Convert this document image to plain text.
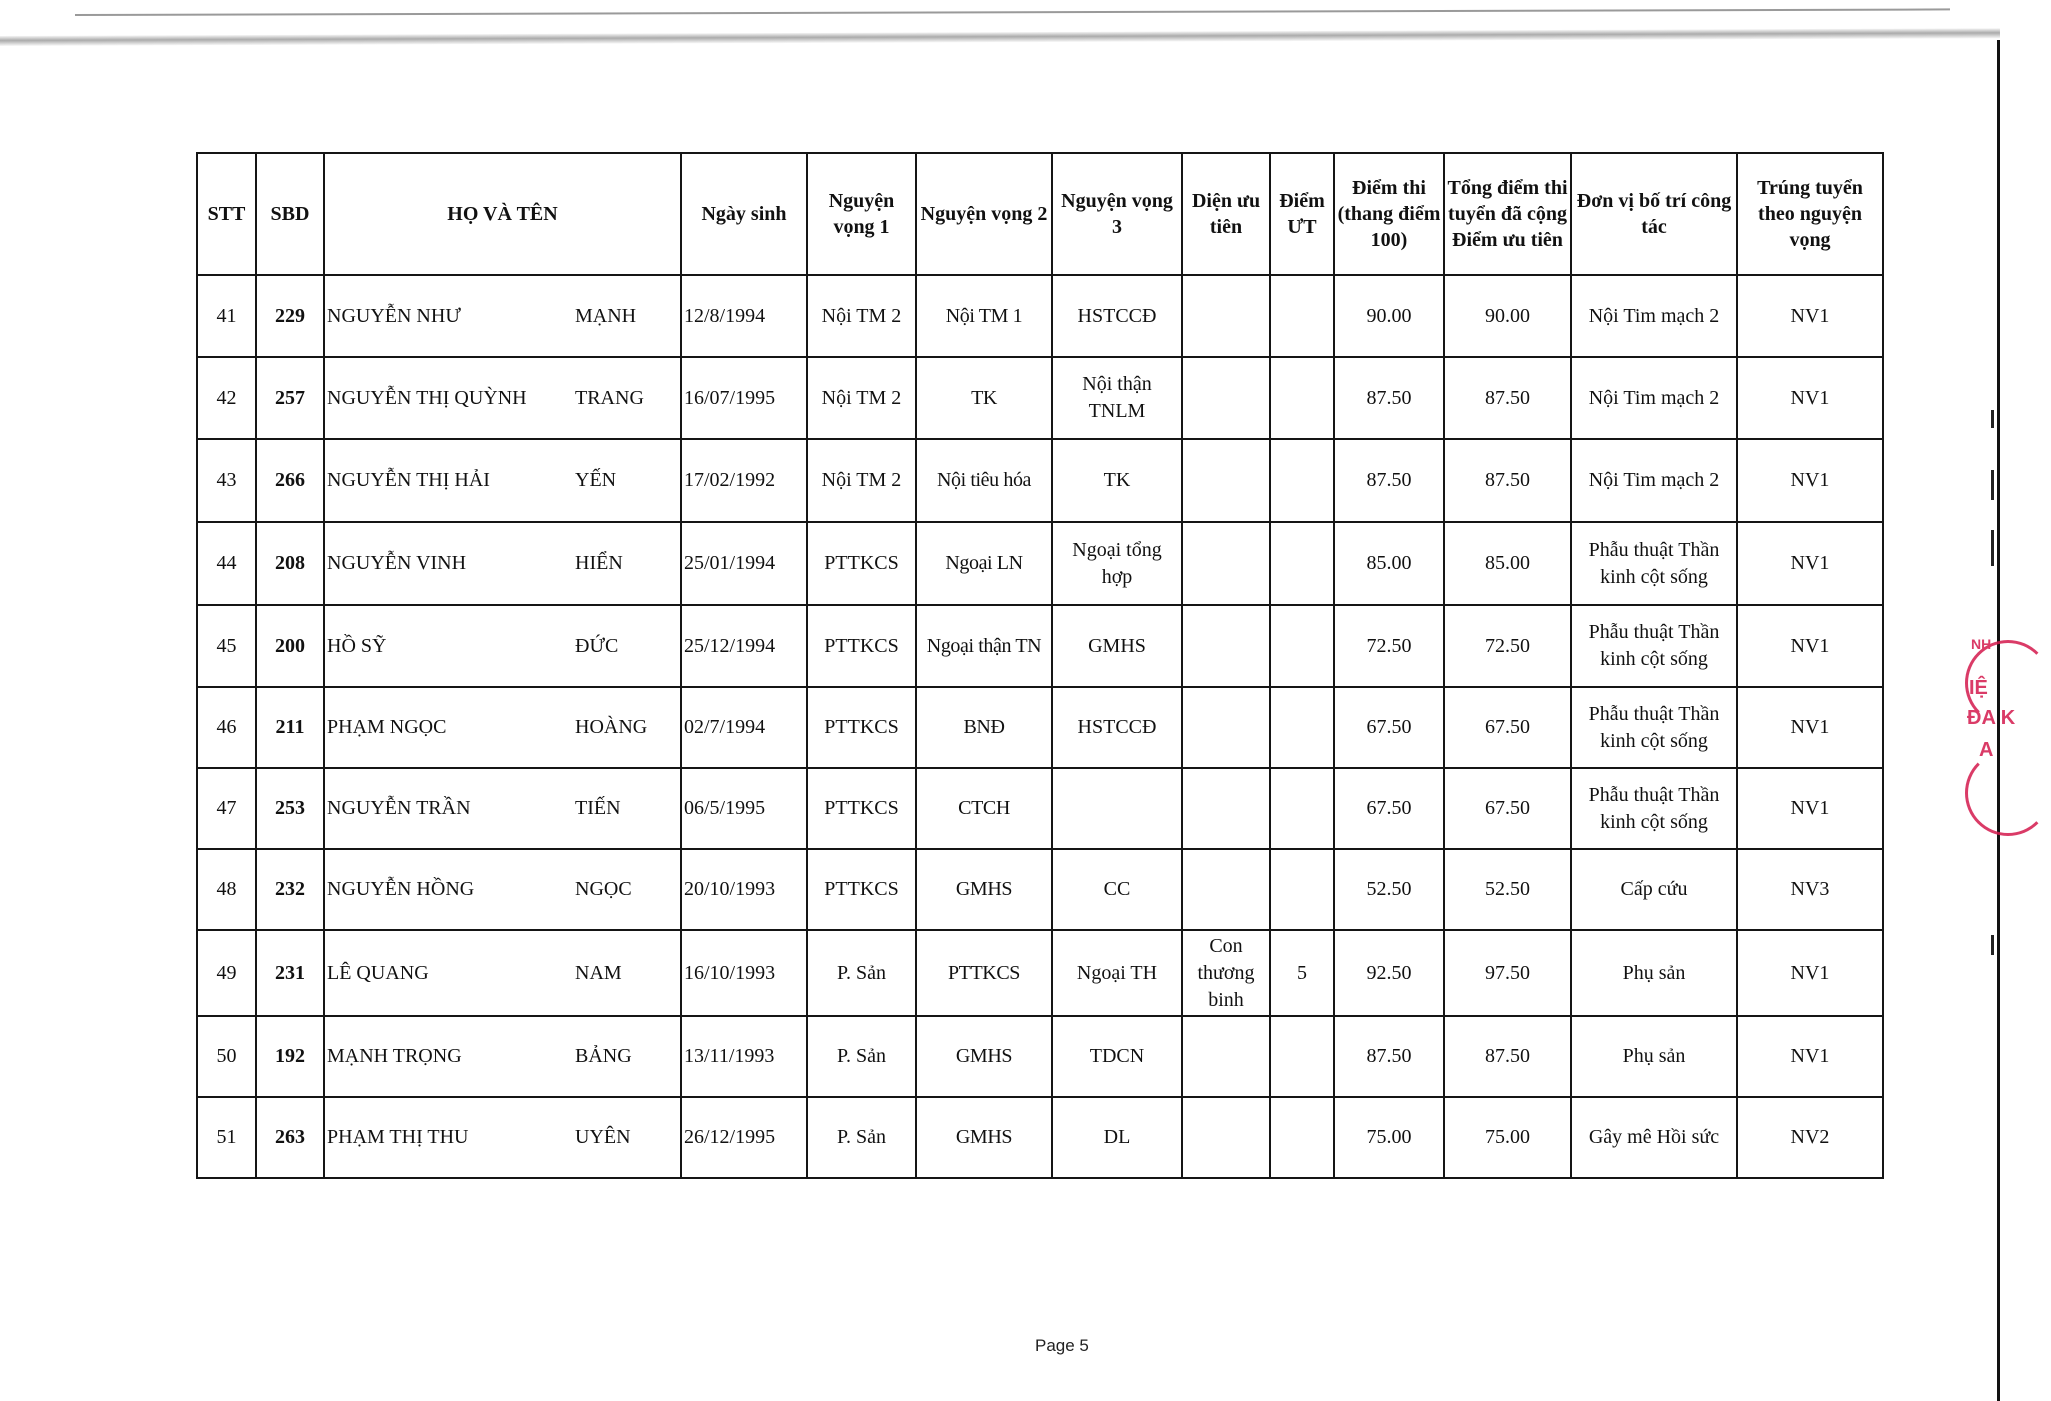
NH
IỆ
ĐA K
A
STT	SBD	HỌ VÀ TÊN	Ngày sinh	Nguyện vọng 1	Nguyện vọng 2	Nguyện vọng 3	Diện ưu tiên	Điểm ƯT	Điểm thi (thang điểm 100)	Tổng điểm thi tuyển đã cộng Điểm ưu tiên	Đơn vị bố trí công tác	Trúng tuyển theo nguyện vọng
41	229	NGUYỄN NHƯ MẠNH	12/8/1994	Nội TM 2	Nội TM 1	HSTCCĐ			90.00	90.00	Nội Tim mạch 2	NV1
42	257	NGUYỄN THỊ QUỲNH TRANG	16/07/1995	Nội TM 2	TK	Nội thận TNLM			87.50	87.50	Nội Tim mạch 2	NV1
43	266	NGUYỄN THỊ HẢI YẾN	17/02/1992	Nội TM 2	Nội tiêu hóa	TK			87.50	87.50	Nội Tim mạch 2	NV1
44	208	NGUYỄN VINH HIỂN	25/01/1994	PTTKCS	Ngoại LN	Ngoại tổng hợp			85.00	85.00	Phẫu thuật Thần kinh cột sống	NV1
45	200	HỒ SỸ ĐỨC	25/12/1994	PTTKCS	Ngoại thận TN	GMHS			72.50	72.50	Phẫu thuật Thần kinh cột sống	NV1
46	211	PHẠM NGỌC HOÀNG	02/7/1994	PTTKCS	BNĐ	HSTCCĐ			67.50	67.50	Phẫu thuật Thần kinh cột sống	NV1
47	253	NGUYỄN TRẦN TIẾN	06/5/1995	PTTKCS	CTCH				67.50	67.50	Phẫu thuật Thần kinh cột sống	NV1
48	232	NGUYỄN HỒNG NGỌC	20/10/1993	PTTKCS	GMHS	CC			52.50	52.50	Cấp cứu	NV3
49	231	LÊ QUANG NAM	16/10/1993	P. Sản	PTTKCS	Ngoại TH	Con thương binh	5	92.50	97.50	Phụ sản	NV1
50	192	MẠNH TRỌNG BẢNG	13/11/1993	P. Sản	GMHS	TDCN			87.50	87.50	Phụ sản	NV1
51	263	PHẠM THỊ THU UYÊN	26/12/1995	P. Sản	GMHS	DL			75.00	75.00	Gây mê Hồi sức	NV2
Page 5
